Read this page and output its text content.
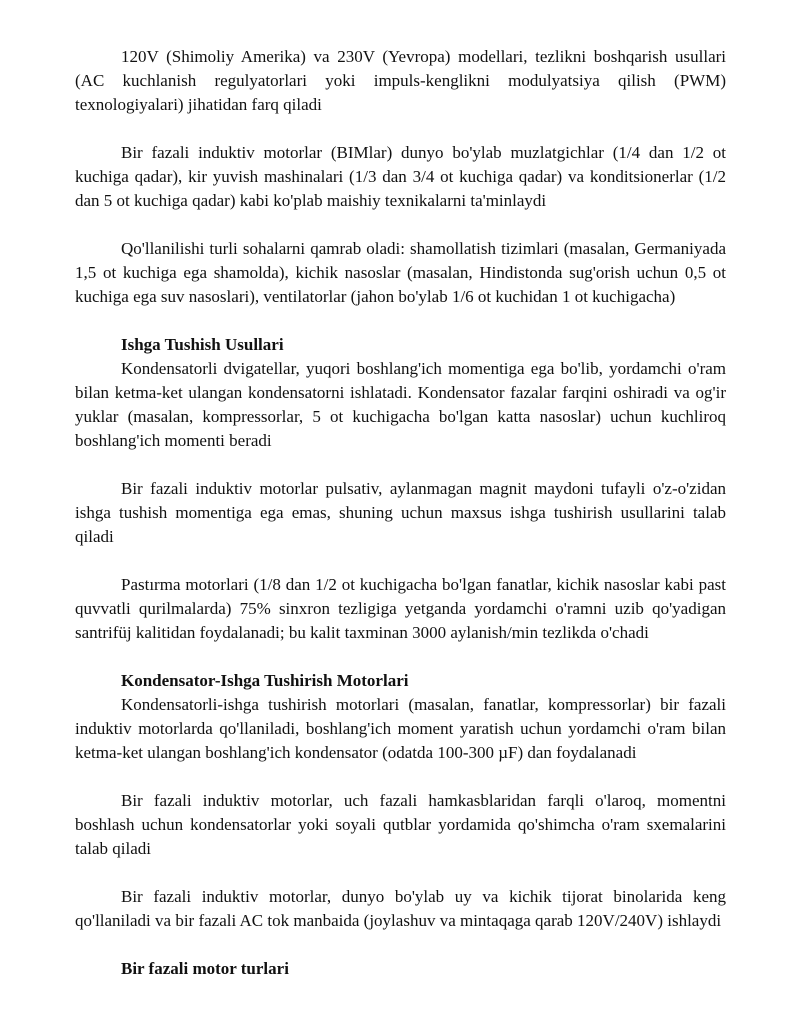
120V (Shimoliy Amerika) va 230V (Yevropa) modellari, tezlikni boshqarish usullari (AC kuchlanish regulyatorlari yoki impuls-kenglikni modulyatsiya qilish (PWM) texnologiyalari) jihatidan farq qiladi

Bir fazali induktiv motorlar (BIMlar) dunyo bo'ylab muzlatgichlar (1/4 dan 1/2 ot kuchiga qadar), kir yuvish mashinalari (1/3 dan 3/4 ot kuchiga qadar) va konditsionerlar (1/2 dan 5 ot kuchiga qadar) kabi ko'plab maishiy texnikalarni ta'minlaydi

Qo'llanilishi turli sohalarni qamrab oladi: shamollatish tizimlari (masalan, Germaniyada 1,5 ot kuchiga ega shamolda), kichik nasoslar (masalan, Hindistonda sug'orish uchun 0,5 ot kuchiga ega suv nasoslari), ventilatorlar (jahon bo'ylab 1/6 ot kuchidan 1 ot kuchigacha)

Ishga Tushish Usullari

Kondensatorli dvigatellar, yuqori boshlang'ich momentiga ega bo'lib, yordamchi o'ram bilan ketma-ket ulangan kondensatorni ishlatadi. Kondensator fazalar farqini oshiradi va og'ir yuklar (masalan, kompressorlar, 5 ot kuchigacha bo'lgan katta nasoslar) uchun kuchliroq boshlang'ich momenti beradi

Bir fazali induktiv motorlar pulsativ, aylanmagan magnit maydoni tufayli o'z-o'zidan ishga tushish momentiga ega emas, shuning uchun maxsus ishga tushirish usullarini talab qiladi

Pastırma motorlari (1/8 dan 1/2 ot kuchigacha bo'lgan fanatlar, kichik nasoslar kabi past quvvatli qurilmalarda) 75% sinxron tezligiga yetganda yordamchi o'ramni uzib qo'yadigan santrifüj kalitidan foydalanadi; bu kalit taxminan 3000 aylanish/min tezlikda o'chadi

Kondensator-Ishga Tushirish Motorlari

Kondensatorli-ishga tushirish motorlari (masalan, fanatlar, kompressorlar) bir fazali induktiv motorlarda qo'llaniladi, boshlang'ich moment yaratish uchun yordamchi o'ram bilan ketma-ket ulangan boshlang'ich kondensator (odatda 100-300 µF) dan foydalanadi

Bir fazali induktiv motorlar, uch fazali hamkasblaridan farqli o'laroq, momentni boshlash uchun kondensatorlar yoki soyali qutblar yordamida qo'shimcha o'ram sxemalarini talab qiladi

Bir fazali induktiv motorlar, dunyo bo'ylab uy va kichik tijorat binolarida keng qo'llaniladi va bir fazali AC tok manbaida (joylashuv va mintaqaga qarab 120V/240V) ishlaydi

Bir fazali motor turlari
